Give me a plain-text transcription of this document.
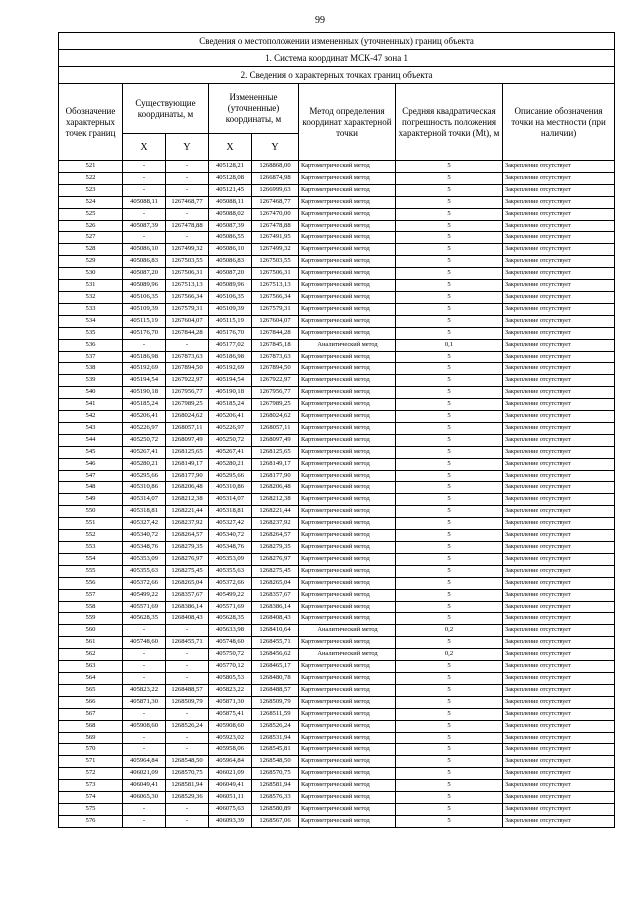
99
Сведения о местоположении измененных (уточненных) границ объекта							
1. Система координат МСК-47 зона 1							
2. Сведения о характерных точках границ объекта							
Обозначение характерных точек границ	Существующие координаты, м		Измененные (уточненные) координаты, м		Метод определения координат характерной точки	Средняя квадратическая погрешность положения характерной точки (Mt), м	Описание обозначения точки на местности (при наличии)
	X	Y	X	Y			
521	-	-	405128,21	1268868,00	Картометрический метод	5	Закрепление отсутствует
522	-	-	405128,08	1266874,98	Картометрический метод	5	Закрепление отсутствует
523	-	-	405121,45	1266999,63	Картометрический метод	5	Закрепление отсутствует
524	405088,11	1267468,77	405088,11	1267468,77	Картометрический метод	5	Закрепление отсутствует
525	-	-	405088,02	1267470,00	Картометрический метод	5	Закрепление отсутствует
526	405087,39	1267478,88	405087,39	1267478,88	Картометрический метод	5	Закрепление отсутствует
527	-	-	405086,55	1267491,95	Картометрический метод	5	Закрепление отсутствует
528	405086,10	1267499,32	405086,10	1267499,32	Картометрический метод	5	Закрепление отсутствует
529	405086,83	1267503,55	405086,83	1267503,55	Картометрический метод	5	Закрепление отсутствует
530	405087,20	1267506,31	405087,20	1267506,31	Картометрический метод	5	Закрепление отсутствует
531	405089,96	1267513,13	405089,96	1267513,13	Картометрический метод	5	Закрепление отсутствует
532	405106,35	1267566,34	405106,35	1267566,34	Картометрический метод	5	Закрепление отсутствует
533	405109,39	1267579,31	405109,39	1267579,31	Картометрический метод	5	Закрепление отсутствует
534	405115,19	1267604,07	405115,19	1267604,07	Картометрический метод	5	Закрепление отсутствует
535	405176,70	1267844,28	405176,70	1267844,28	Картометрический метод	5	Закрепление отсутствует
536	-	-	405177,02	1267845,18	Аналитический метод	0,1	Закрепление отсутствует
537	405186,98	1267873,63	405186,98	1267873,63	Картометрический метод	5	Закрепление отсутствует
538	405192,69	1267894,50	405192,69	1267894,50	Картометрический метод	5	Закрепление отсутствует
539	405194,54	1267922,97	405194,54	1267922,97	Картометрический метод	5	Закрепление отсутствует
540	405190,18	1267956,77	405190,18	1267956,77	Картометрический метод	5	Закрепление отсутствует
541	405185,24	1267989,25	405185,24	1267989,25	Картометрический метод	5	Закрепление отсутствует
542	405206,41	1268024,62	405206,41	1268024,62	Картометрический метод	5	Закрепление отсутствует
543	405226,97	1268057,11	405226,97	1268057,11	Картометрический метод	5	Закрепление отсутствует
544	405250,72	1268097,49	405250,72	1268097,49	Картометрический метод	5	Закрепление отсутствует
545	405267,41	1268125,65	405267,41	1268125,65	Картометрический метод	5	Закрепление отсутствует
546	405280,21	1268149,17	405280,21	1268149,17	Картометрический метод	5	Закрепление отсутствует
547	405295,66	1268177,90	405295,66	1268177,90	Картометрический метод	5	Закрепление отсутствует
548	405310,86	1268206,48	405310,86	1268206,48	Картометрический метод	5	Закрепление отсутствует
549	405314,07	1268212,38	405314,07	1268212,38	Картометрический метод	5	Закрепление отсутствует
550	405318,81	1268221,44	405318,81	1268221,44	Картометрический метод	5	Закрепление отсутствует
551	405327,42	1268237,92	405327,42	1268237,92	Картометрический метод	5	Закрепление отсутствует
552	405340,72	1268264,57	405340,72	1268264,57	Картометрический метод	5	Закрепление отсутствует
553	405348,76	1268279,35	405348,76	1268279,35	Картометрический метод	5	Закрепление отсутствует
554	405353,09	1268276,97	405353,09	1268276,97	Картометрический метод	5	Закрепление отсутствует
555	405355,63	1268275,45	405355,63	1268275,45	Картометрический метод	5	Закрепление отсутствует
556	405372,66	1268265,04	405372,66	1268265,04	Картометрический метод	5	Закрепление отсутствует
557	405499,22	1268357,67	405499,22	1268357,67	Картометрический метод	5	Закрепление отсутствует
558	405571,69	1268386,14	405571,69	1268386,14	Картометрический метод	5	Закрепление отсутствует
559	405628,35	1268408,43	405628,35	1268408,43	Картометрический метод	5	Закрепление отсутствует
560	-	-	405633,98	1268410,64	Аналитический метод	0,2	Закрепление отсутствует
561	405748,60	1268455,71	405748,60	1268455,71	Картометрический метод	5	Закрепление отсутствует
562	-	-	405750,72	1268456,62	Аналитический метод	0,2	Закрепление отсутствует
563	-	-	405770,12	1268465,17	Картометрический метод	5	Закрепление отсутствует
564	-	-	405805,53	1268480,78	Картометрический метод	5	Закрепление отсутствует
565	405823,22	1268488,57	405823,22	1268488,57	Картометрический метод	5	Закрепление отсутствует
566	405871,30	1268509,79	405871,30	1268509,79	Картометрический метод	5	Закрепление отсутствует
567	-	-	405875,41	1268511,59	Картометрический метод	5	Закрепление отсутствует
568	405908,60	1268526,24	405908,60	1268526,24	Картометрический метод	5	Закрепление отсутствует
569	-	-	405923,02	1268531,94	Картометрический метод	5	Закрепление отсутствует
570	-	-	405958,06	1268545,81	Картометрический метод	5	Закрепление отсутствует
571	405964,84	1268548,50	405964,84	1268548,50	Картометрический метод	5	Закрепление отсутствует
572	406021,09	1268570,75	406021,09	1268570,75	Картометрический метод	5	Закрепление отсутствует
573	406049,41	1268581,94	406049,41	1268581,94	Картометрический метод	5	Закрепление отсутствует
574	406065,30	1268529,36	406051,11	1268576,33	Картометрический метод	5	Закрепление отсутствует
575	-	-	406075,63	1268580,89	Картометрический метод	5	Закрепление отсутствует
576	-	-	406093,39	1268567,06	Картометрический метод	5	Закрепление отсутствует
